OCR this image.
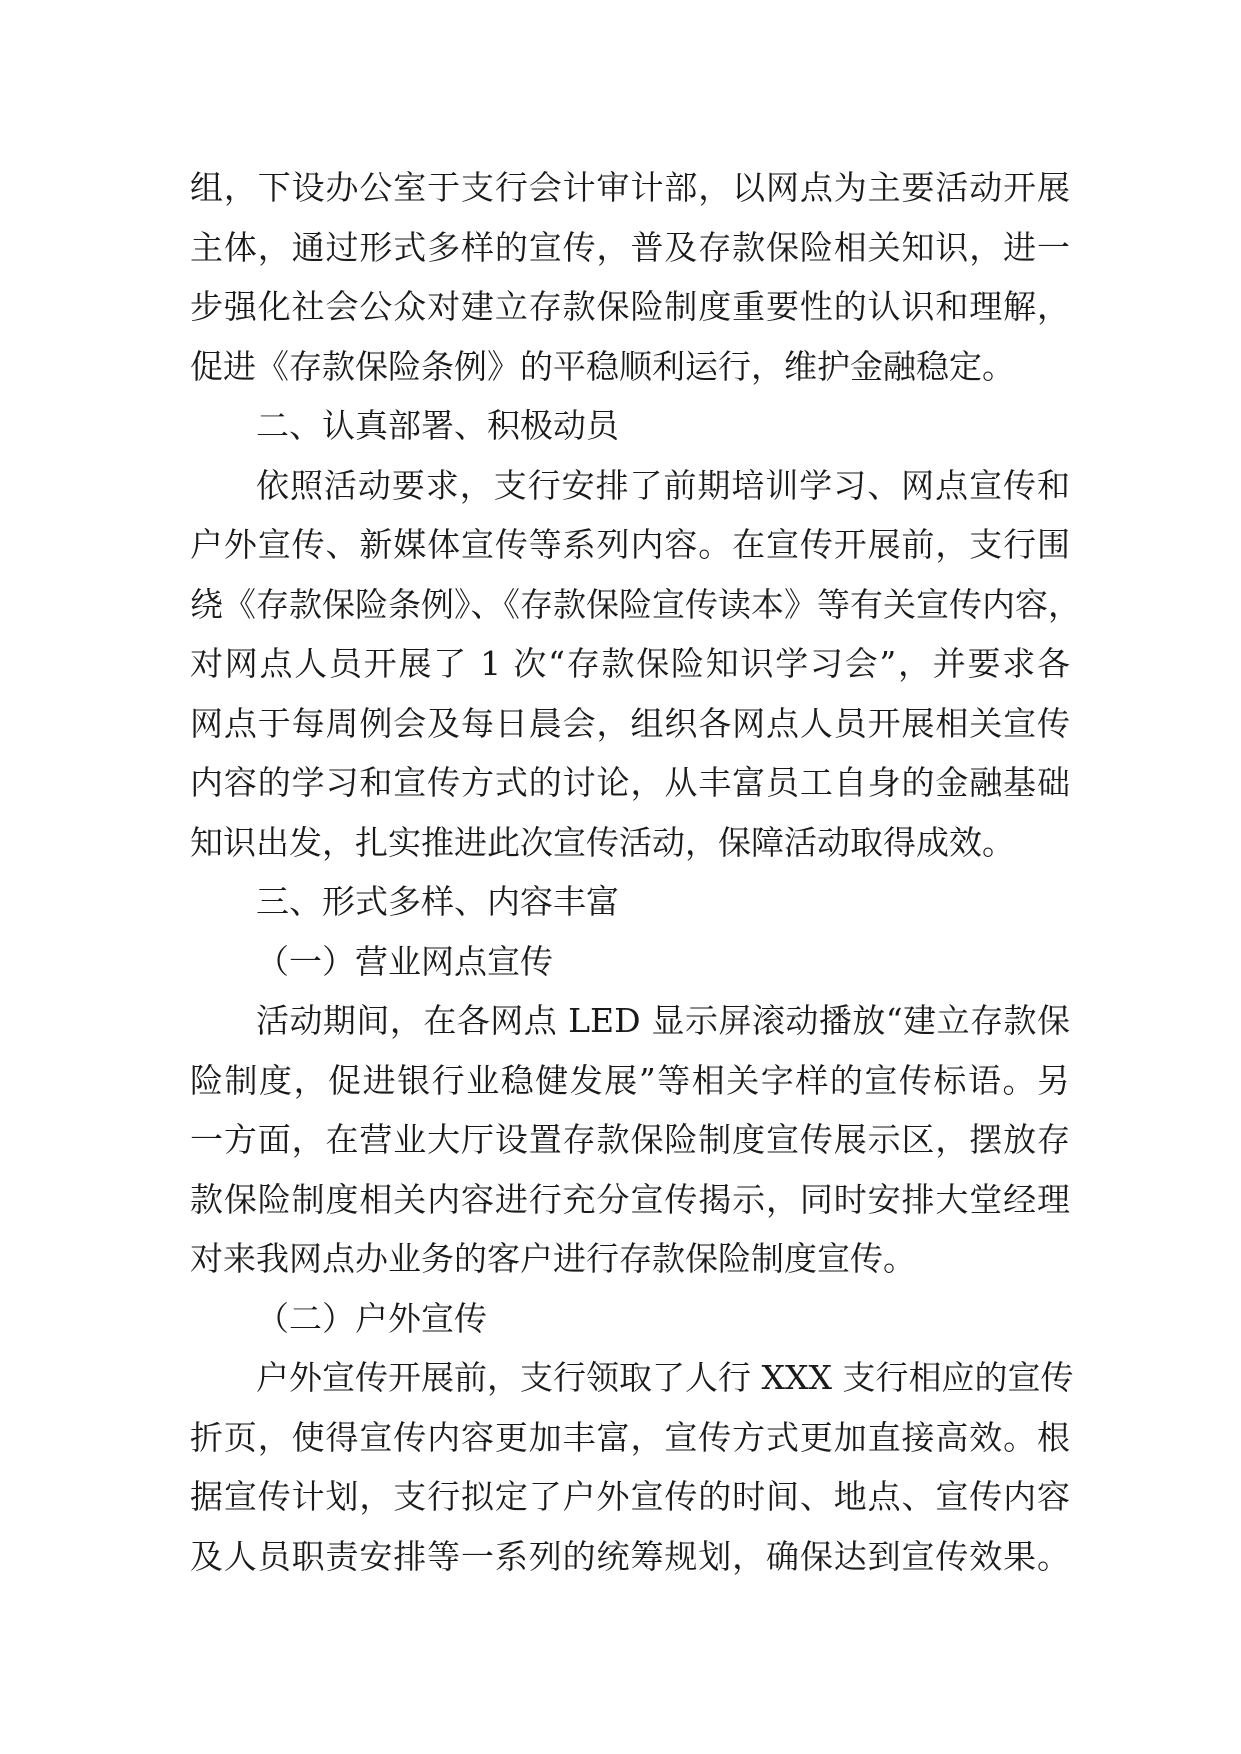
组，下设办公室于支行会计审计部，以网点为主要活动开展
主体，通过形式多样的宣传，普及存款保险相关知识，进一
步强化社会公众对建立存款保险制度重要性的认识和理解，
促进《存款保险条例》的平稳顺利运行，维护金融稳定。
二、认真部署、积极动员
依照活动要求，支行安排了前期培训学习、网点宣传和
户外宣传、新媒体宣传等系列内容。在宣传开展前，支行围
绕《存款保险条例》、《存款保险宣传读本》等有关宣传内容，
对网点人员开展了 1 次“存款保险知识学习会”，并要求各
网点于每周例会及每日晨会，组织各网点人员开展相关宣传
内容的学习和宣传方式的讨论，从丰富员工自身的金融基础
知识出发，扎实推进此次宣传活动，保障活动取得成效。
三、形式多样、内容丰富
（一）营业网点宣传
活动期间，在各网点 LED 显示屏滚动播放“建立存款保
险制度，促进银行业稳健发展”等相关字样的宣传标语。另
一方面，在营业大厅设置存款保险制度宣传展示区，摆放存
款保险制度相关内容进行充分宣传揭示，同时安排大堂经理
对来我网点办业务的客户进行存款保险制度宣传。
（二）户外宣传
户外宣传开展前，支行领取了人行 XXX 支行相应的宣传
折页，使得宣传内容更加丰富，宣传方式更加直接高效。根
据宣传计划，支行拟定了户外宣传的时间、地点、宣传内容
及人员职责安排等一系列的统筹规划，确保达到宣传效果。
